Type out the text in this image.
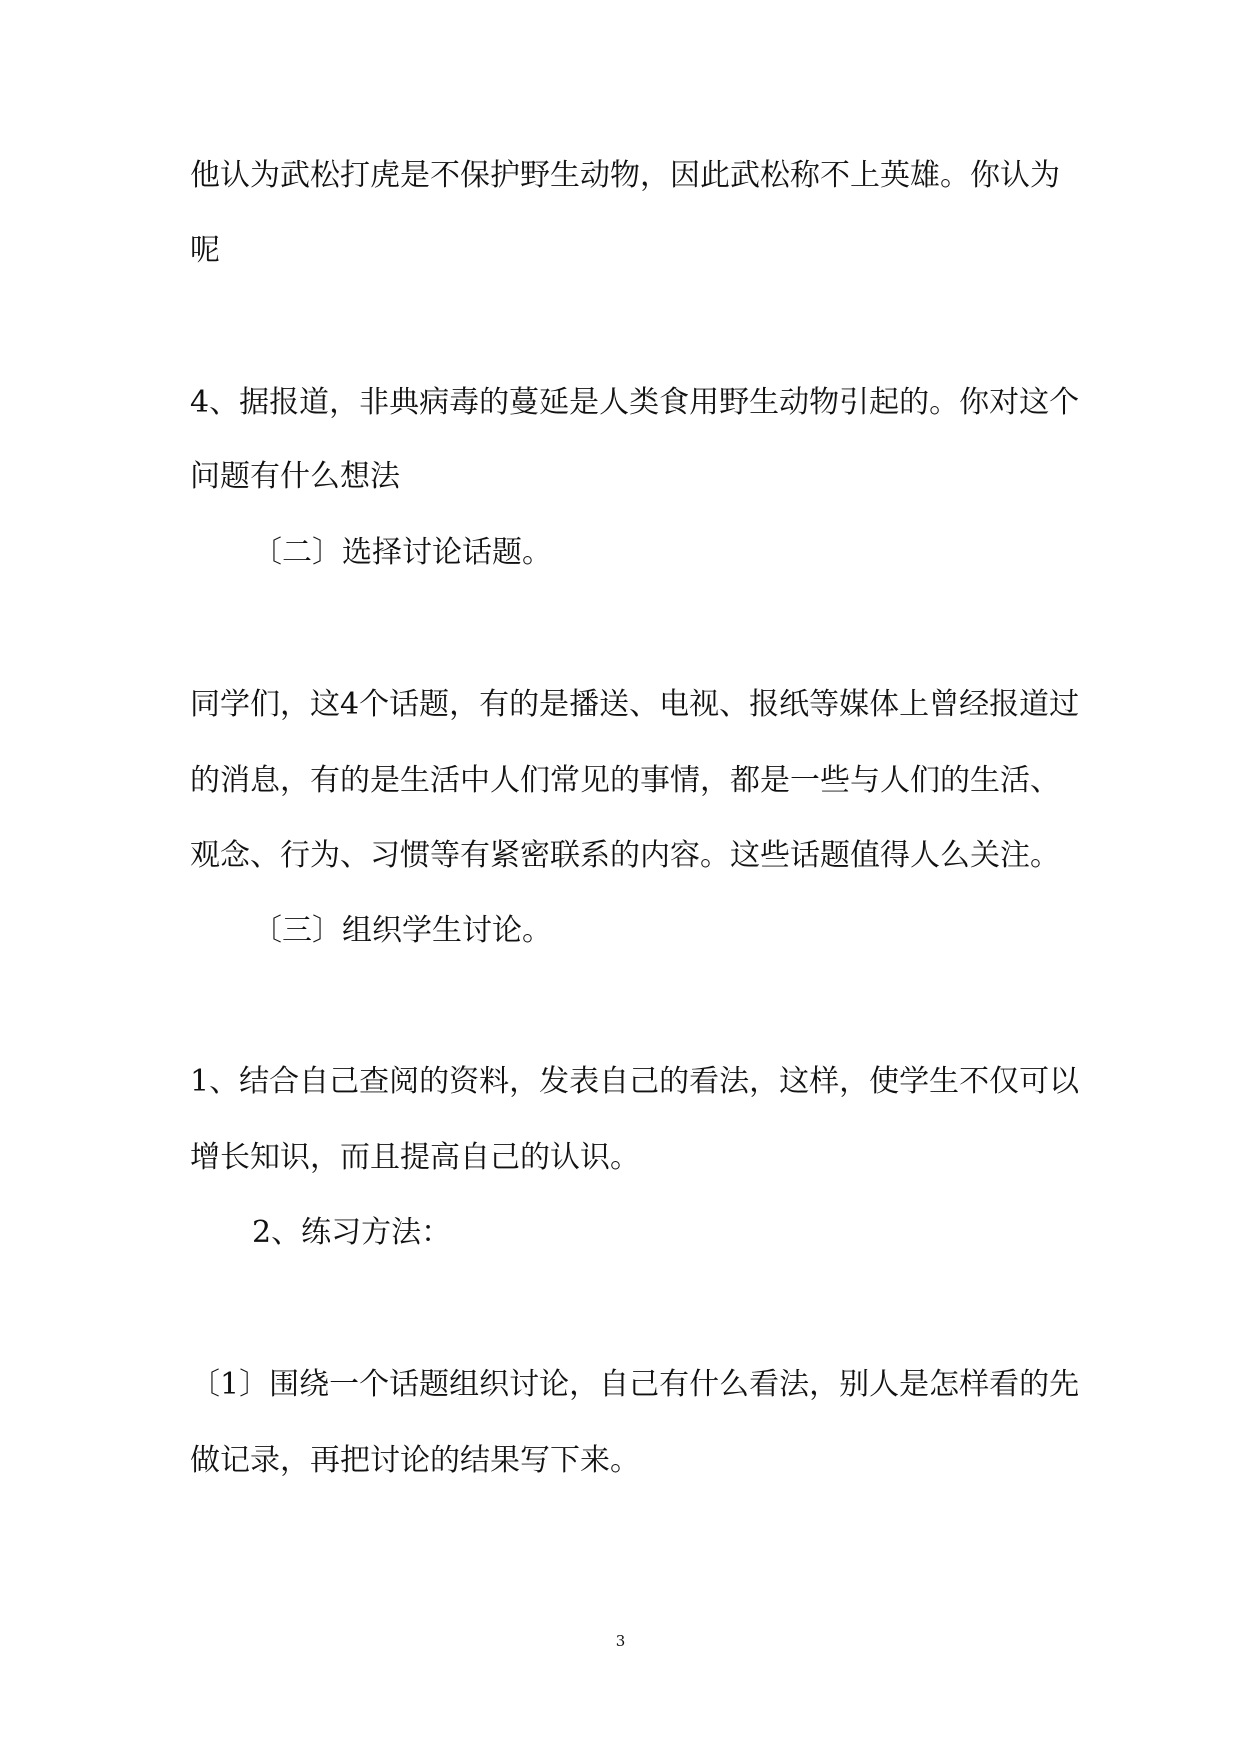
他认为武松打虎是不保护野生动物，因此武松称不上英雄。你认为
呢
4、据报道，非典病毒的蔓延是人类食用野生动物引起的。你对这个
问题有什么想法
〔二〕选择讨论话题。
同学们，这4个话题，有的是播送、电视、报纸等媒体上曾经报道过
的消息，有的是生活中人们常见的事情，都是一些与人们的生活、
观念、行为、习惯等有紧密联系的内容。这些话题值得人么关注。
〔三〕组织学生讨论。
1、结合自己查阅的资料，发表自己的看法，这样，使学生不仅可以
增长知识，而且提高自己的认识。
2、练习方法：
〔1〕围绕一个话题组织讨论，自己有什么看法，别人是怎样看的先
做记录，再把讨论的结果写下来。
3
